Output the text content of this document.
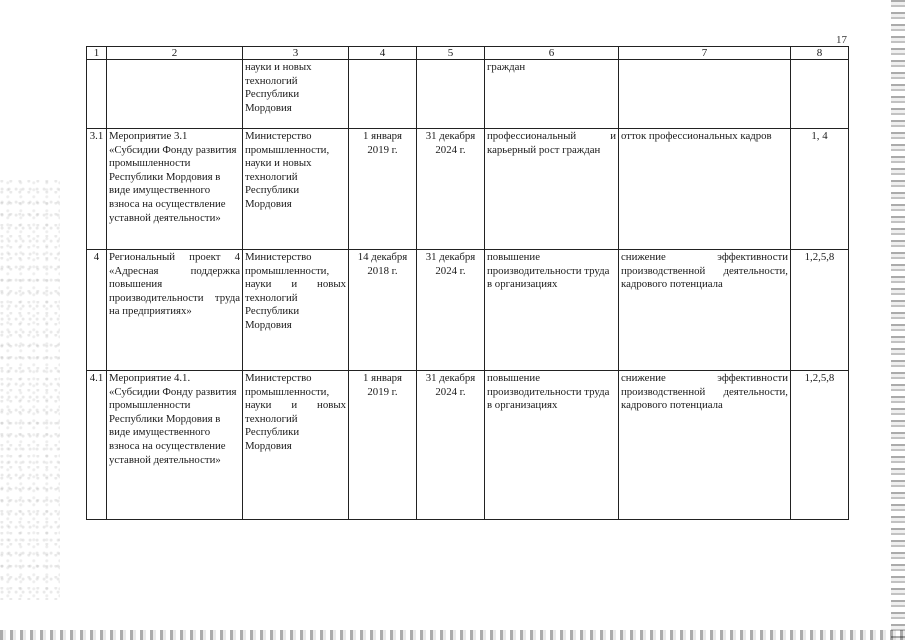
17
1	2	3	4	5	6	7	8
		науки и новых технологий Республики Мордовия			граждан		
3.1	Мероприятие 3.1 «Субсидии Фонду развития промышленности Республики Мордовия в виде имущественного взноса на осуществление уставной деятельности»	Министерство промышленности, науки и новых технологий Республики Мордовия	1 января 2019 г.	31 декабря 2024 г.	профессиональный и карьерный рост граждан	отток профессиональных кадров	1, 4
4	Региональный проект 4 «Адресная поддержка повышения производительности труда на предприятиях»	Министерство промышленности, науки и новых технологий Республики Мордовия	14 декабря 2018 г.	31 декабря 2024 г.	повышение производительности труда в организациях	снижение эффективности производственной деятельности, кадрового потенциала	1,2,5,8
4.1	Мероприятие 4.1. «Субсидии Фонду развития промышленности Республики Мордовия в виде имущественного взноса на осуществление уставной деятельности»	Министерство промышленности, науки и новых технологий Республики Мордовия	1 января 2019 г.	31 декабря 2024 г.	повышение производительности труда в организациях	снижение эффективности производственной деятельности, кадрового потенциала	1,2,5,8
